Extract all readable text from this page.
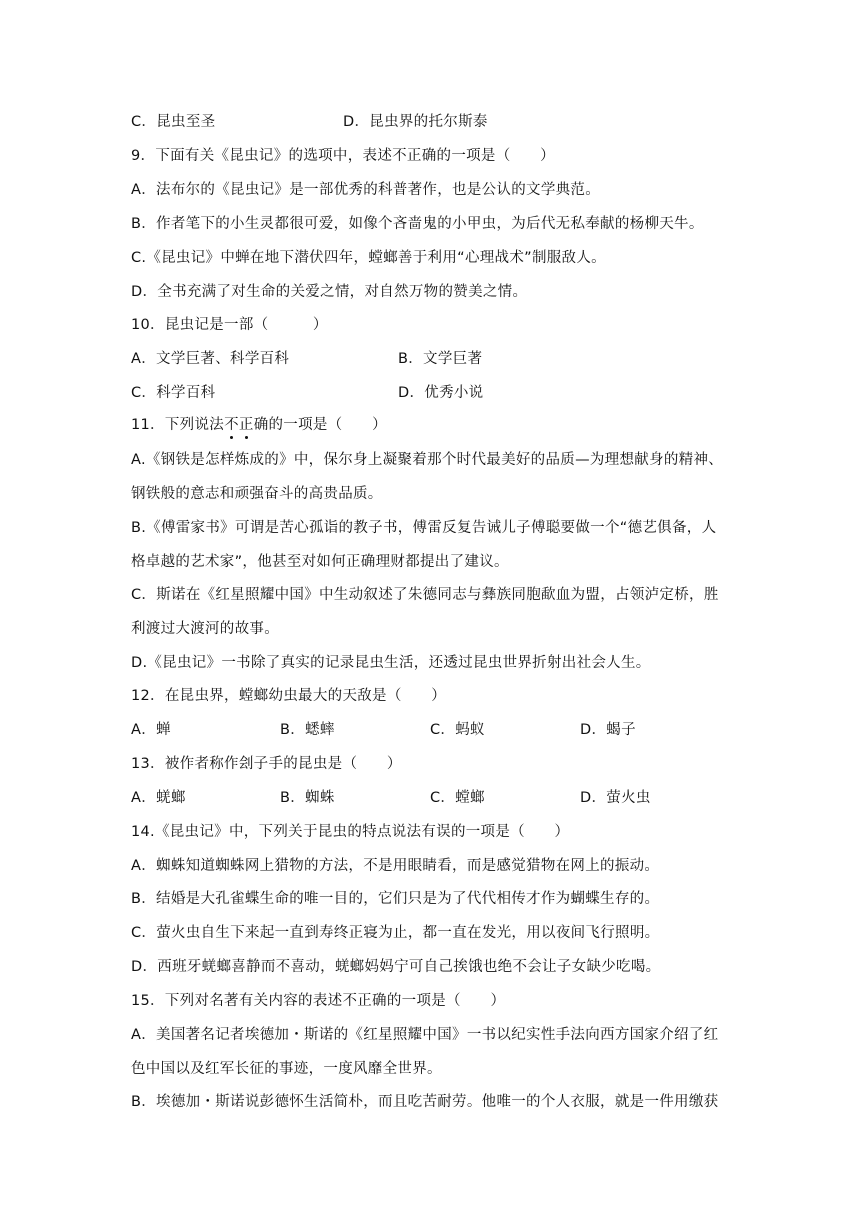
C．昆虫至圣	D．昆虫界的托尔斯泰
9．下面有关《昆虫记》的选项中，表述不正确的一项是（　　）
A．法布尔的《昆虫记》是一部优秀的科普著作，也是公认的文学典范。
B．作者笔下的小生灵都很可爱，如像个吝啬鬼的小甲虫，为后代无私奉献的杨柳天牛。
C.《昆虫记》中蝉在地下潜伏四年，螳螂善于利用“心理战术”制服敌人。
D．全书充满了对生命的关爱之情，对自然万物的赞美之情。
10．昆虫记是一部（　　　）
A．文学巨著、科学百科	B．文学巨著
C．科学百科	D．优秀小说
11．下列说法不正确的一项是（　　）
A.《钢铁是怎样炼成的》中，保尔身上凝聚着那个时代最美好的品质—为理想献身的精神、
钢铁般的意志和顽强奋斗的高贵品质。
B.《傅雷家书》可谓是苦心孤诣的教子书，傅雷反复告诫儿子傅聪要做一个“德艺俱备，人
格卓越的艺术家”，他甚至对如何正确理财都提出了建议。
C．斯诺在《红星照耀中国》中生动叙述了朱德同志与彝族同胞歃血为盟，占领泸定桥，胜
利渡过大渡河的故事。
D.《昆虫记》一书除了真实的记录昆虫生活，还透过昆虫世界折射出社会人生。
12．在昆虫界，螳螂幼虫最大的天敌是（　　）
A．蝉	B．蟋蟀	C．蚂蚁	D．蝎子
13．被作者称作刽子手的昆虫是（　　）
A．蜣螂	B．蜘蛛	C．螳螂	D．萤火虫
14.《昆虫记》中，下列关于昆虫的特点说法有误的一项是（　　）
A．蜘蛛知道蜘蛛网上猎物的方法，不是用眼睛看，而是感觉猎物在网上的振动。
B．结婚是大孔雀蝶生命的唯一目的，它们只是为了代代相传才作为蝴蝶生存的。
C．萤火虫自生下来起一直到寿终正寝为止，都一直在发光，用以夜间飞行照明。
D．西班牙蜣螂喜静而不喜动，蜣螂妈妈宁可自己挨饿也绝不会让子女缺少吃喝。
15．下列对名著有关内容的表述不正确的一项是（　　）
A．美国著名记者埃德加・斯诺的《红星照耀中国》一书以纪实性手法向西方国家介绍了红
色中国以及红军长征的事迹，一度风靡全世界。
B．埃德加・斯诺说彭德怀生活简朴，而且吃苦耐劳。他唯一的个人衣服，就是一件用缴获
